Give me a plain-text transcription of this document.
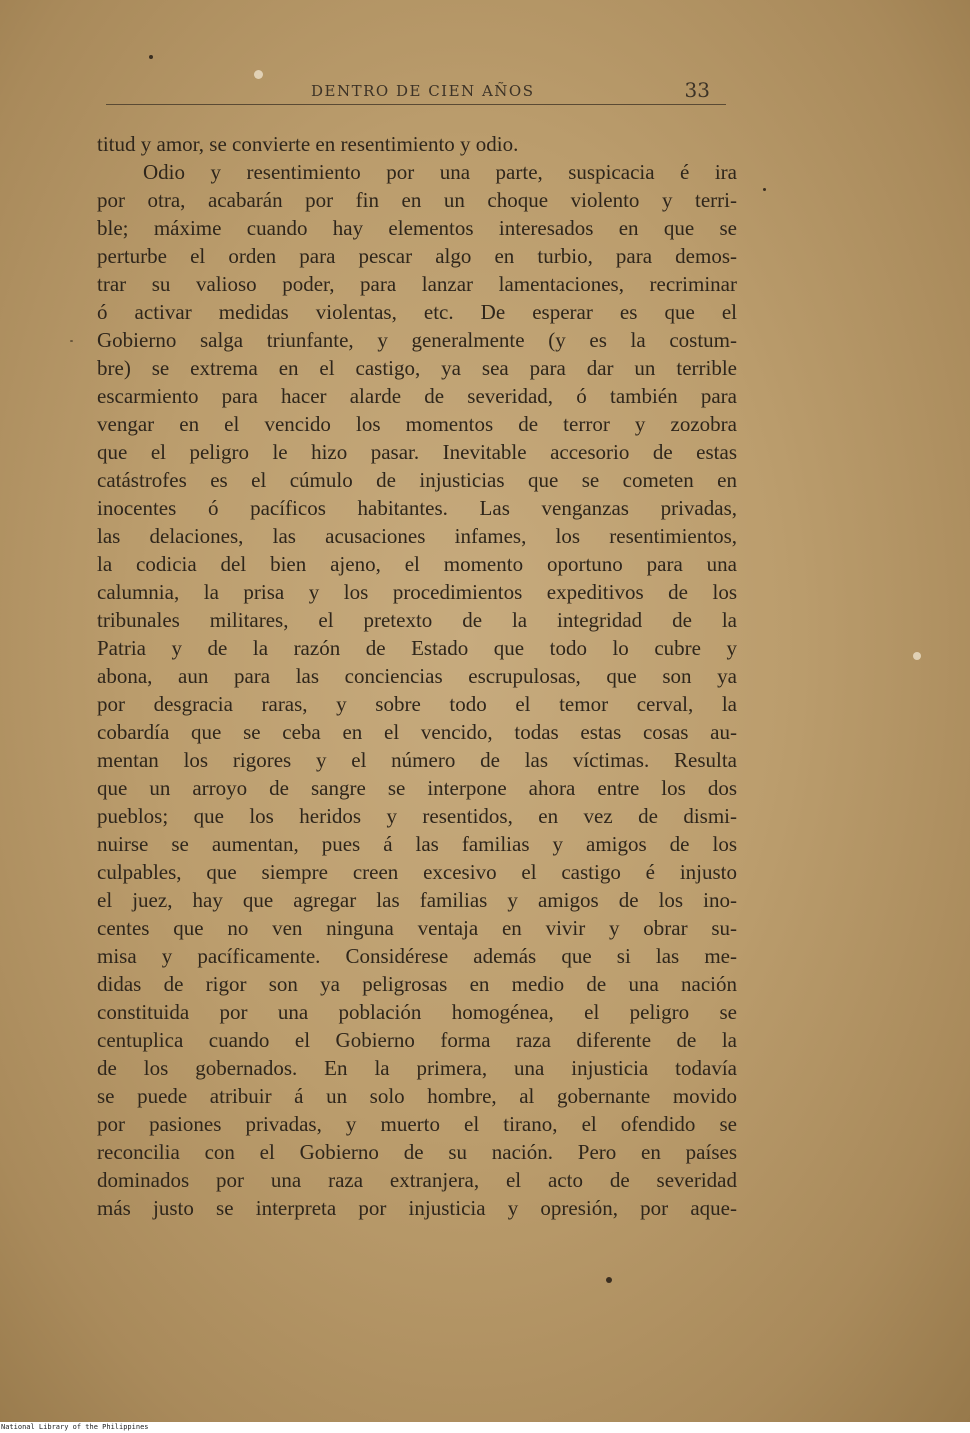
DENTRO DE CIEN AÑOS	33
titud y amor, se convierte en resentimiento y odio.
Odio y resentimiento por una parte, suspicacia é ira
por otra, acabarán por fin en un choque violento y terri-
ble; máxime cuando hay elementos interesados en que se
perturbe el orden para pescar algo en turbio, para demos-
trar su valioso poder, para lanzar lamentaciones, recriminar
ó activar medidas violentas, etc. De esperar es que el
Gobierno salga triunfante, y generalmente (y es la costum-
bre) se extrema en el castigo, ya sea para dar un terrible
escarmiento para hacer alarde de severidad, ó también para
vengar en el vencido los momentos de terror y zozobra
que el peligro le hizo pasar. Inevitable accesorio de estas
catástrofes es el cúmulo de injusticias que se cometen en
inocentes ó pacíficos habitantes. Las venganzas privadas,
las delaciones, las acusaciones infames, los resentimientos,
la codicia del bien ajeno, el momento oportuno para una
calumnia, la prisa y los procedimientos expeditivos de los
tribunales militares, el pretexto de la integridad de la
Patria y de la razón de Estado que todo lo cubre y
abona, aun para las conciencias escrupulosas, que son ya
por desgracia raras, y sobre todo el temor cerval, la
cobardía que se ceba en el vencido, todas estas cosas au-
mentan los rigores y el número de las víctimas. Resulta
que un arroyo de sangre se interpone ahora entre los dos
pueblos; que los heridos y resentidos, en vez de dismi-
nuirse se aumentan, pues á las familias y amigos de los
culpables, que siempre creen excesivo el castigo é injusto
el juez, hay que agregar las familias y amigos de los ino-
centes que no ven ninguna ventaja en vivir y obrar su-
misa y pacíficamente. Considérese además que si las me-
didas de rigor son ya peligrosas en medio de una nación
constituida por una población homogénea, el peligro se
centuplica cuando el Gobierno forma raza diferente de la
de los gobernados. En la primera, una injusticia todavía
se puede atribuir á un solo hombre, al gobernante movido
por pasiones privadas, y muerto el tirano, el ofendido se
reconcilia con el Gobierno de su nación. Pero en países
dominados por una raza extranjera, el acto de severidad
más justo se interpreta por injusticia y opresión, por aque-
National Library of the Philippines
